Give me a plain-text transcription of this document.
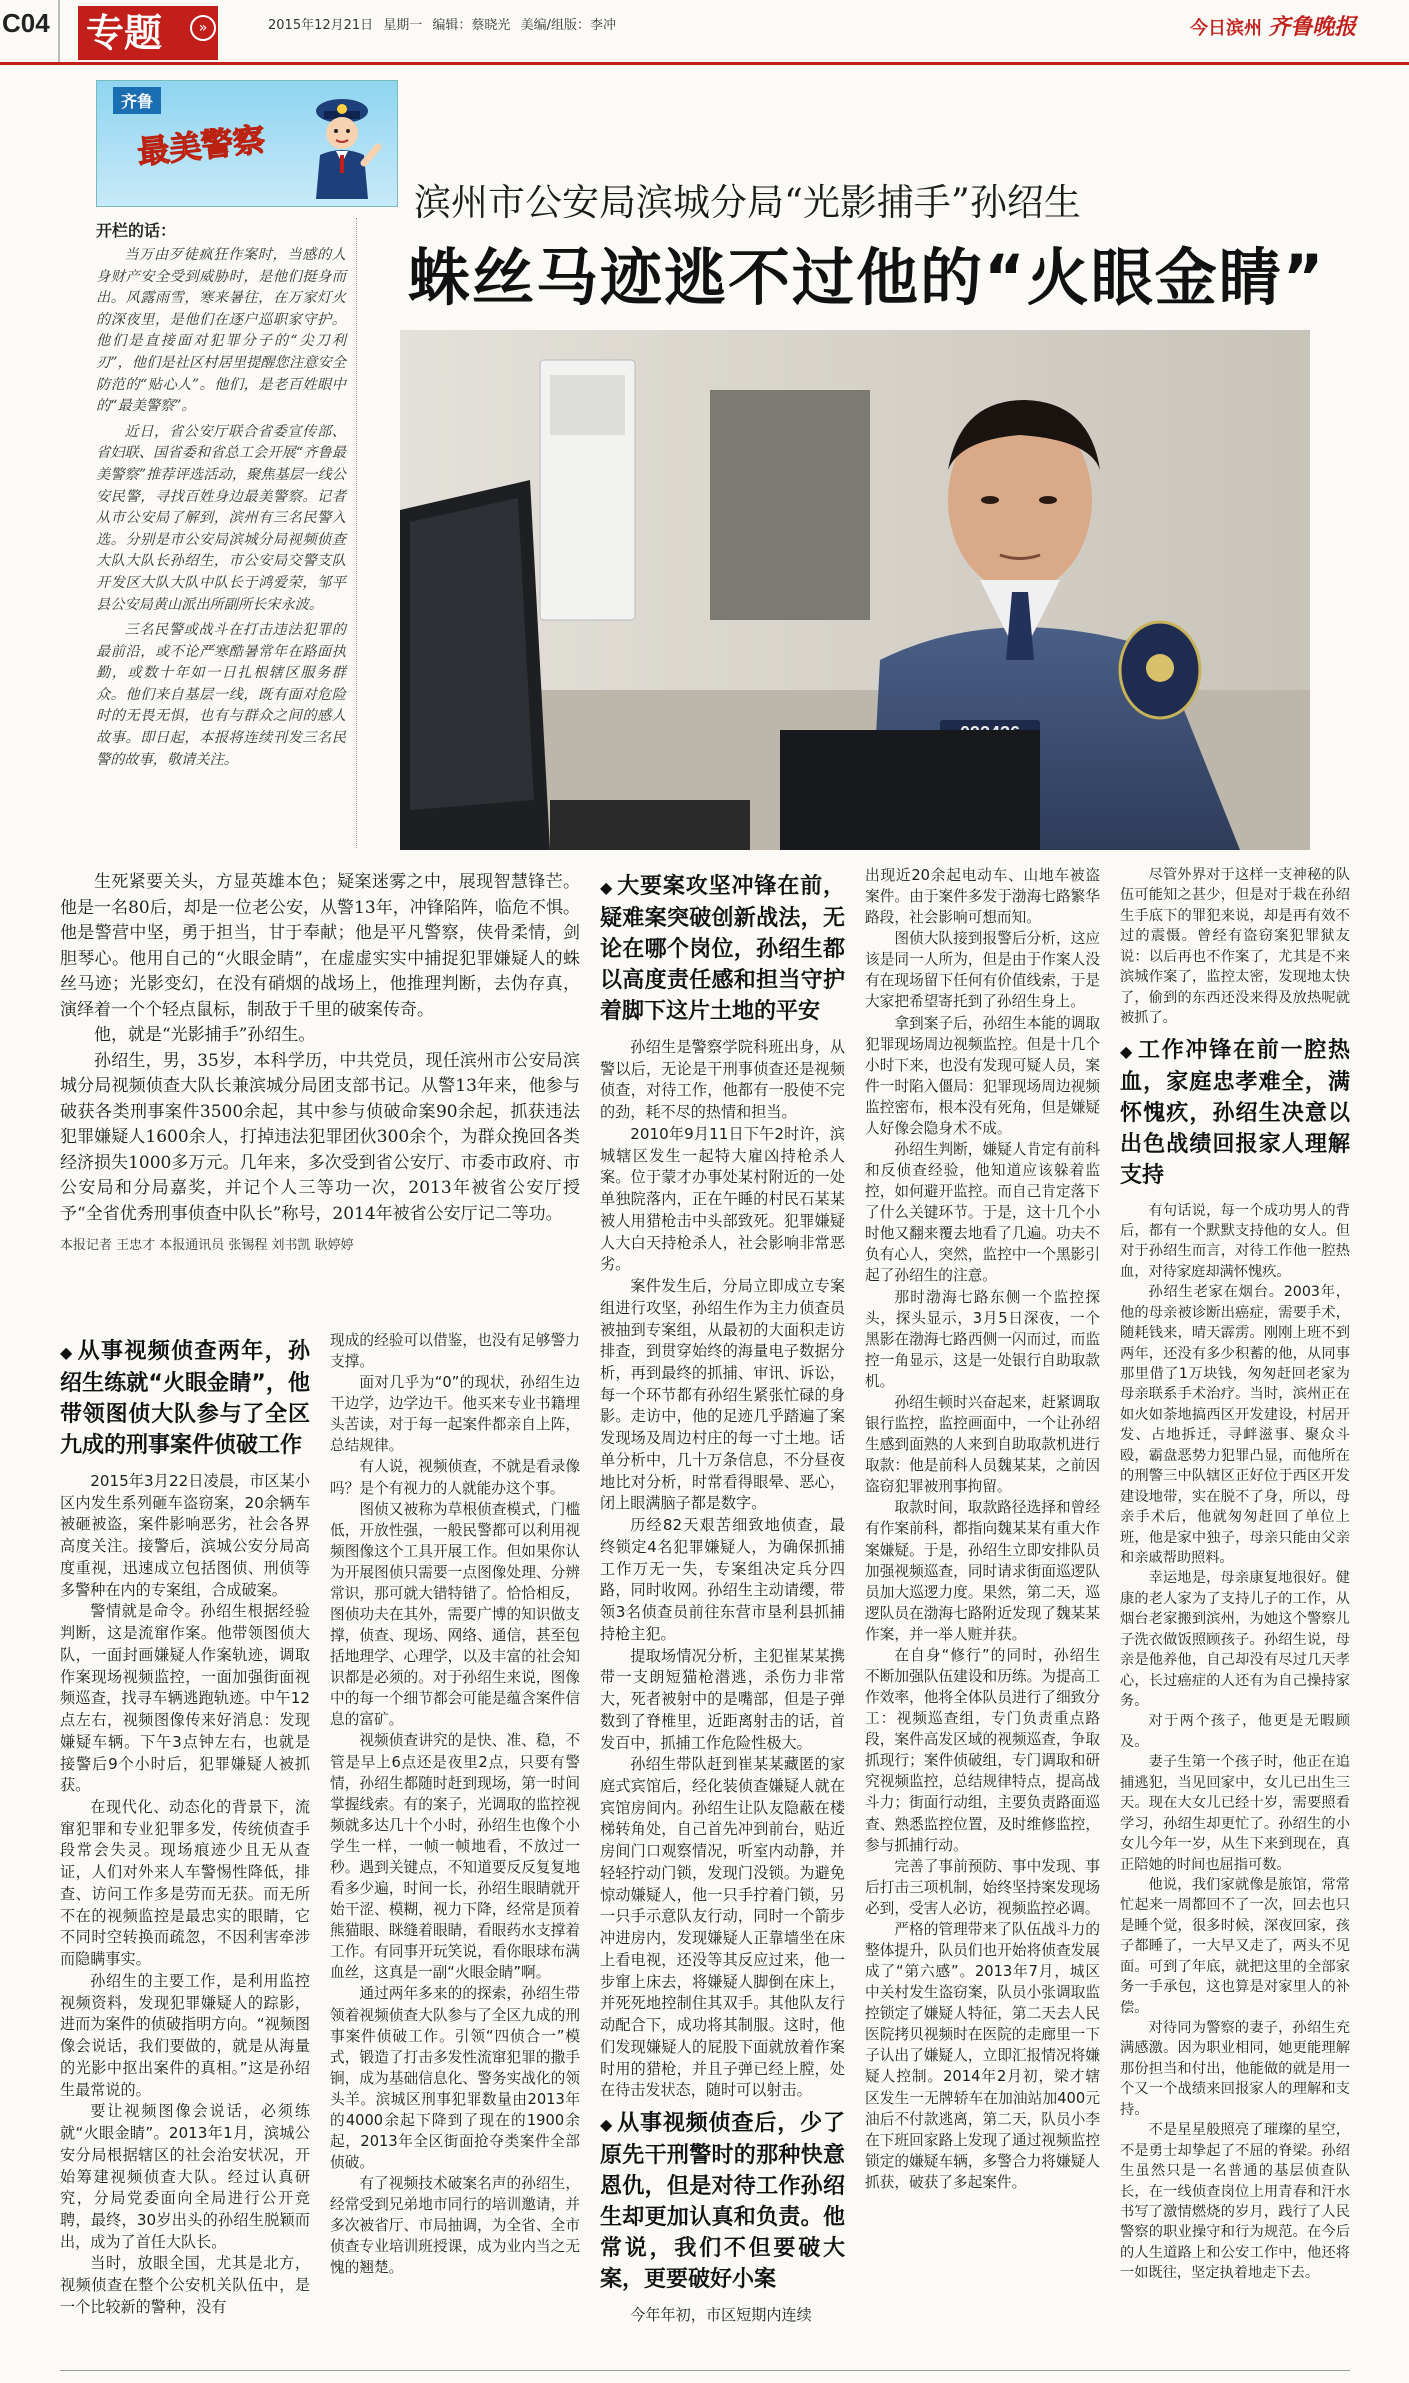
C04 专题	»	2015年12月21日 星期一 编辑：蔡晓光 美编/组版：李冲	今日滨州 齐鲁晚报
齐鲁
最美警察
开栏的话：

当万由歹徒疯狂作案时，当感的人身财产安全受到威胁时，是他们挺身而出。风露雨雪，寒来暑往，在万家灯火的深夜里，是他们在逐户巡职家守护。他们是直接面对犯罪分子的“尖刀利刃”，他们是社区村居里提醒您注意安全防范的“贴心人”。他们，是老百姓眼中的“最美警察”。

近日，省公安厅联合省委宣传部、省妇联、国省委和省总工会开展“齐鲁最美警察”推荐评选活动，聚焦基层一线公安民警，寻找百姓身边最美警察。记者从市公安局了解到，滨州有三名民警入选。分别是市公安局滨城分局视频侦查大队大队长孙绍生，市公安局交警支队开发区大队大队中队长于鸿爱荣，邹平县公安局黄山派出所副所长宋永波。

三名民警或战斗在打击违法犯罪的最前沿，或不论严寒酷暑常年在路面执勤，或数十年如一日扎根辖区服务群众。他们来自基层一线，既有面对危险时的无畏无惧，也有与群众之间的感人故事。即日起，本报将连续刊发三名民警的故事，敬请关注。

滨州市公安局滨城分局“光影捕手”孙绍生
蛛丝马迹逃不过他的“火眼金睛”

生死紧要关头，方显英雄本色；疑案迷雾之中，展现智慧锋芒。他是一名80后，却是一位老公安，从警13年，冲锋陷阵，临危不惧。他是警营中坚，勇于担当，甘于奉献；他是平凡警察，侠骨柔情，剑胆琴心。他用自己的“火眼金睛”，在虚虚实实中捕捉犯罪嫌疑人的蛛丝马迹；光影变幻，在没有硝烟的战场上，他推理判断，去伪存真，演绎着一个个轻点鼠标，制敌于千里的破案传奇。

他，就是“光影捕手”孙绍生。

孙绍生，男，35岁，本科学历，中共党员，现任滨州市公安局滨城分局视频侦查大队长兼滨城分局团支部书记。从警13年来，他参与破获各类刑事案件3500余起，其中参与侦破命案90余起，抓获违法犯罪嫌疑人1600余人，打掉违法犯罪团伙300余个，为群众挽回各类经济损失1000多万元。几年来，多次受到省公安厅、市委市政府、市公安局和分局嘉奖，并记个人三等功一次，2013年被省公安厅授予“全省优秀刑事侦查中队长”称号，2014年被省公安厅记二等功。

本报记者 王忠才 本报通讯员 张锡程 刘书凯 耿婷婷
◆ 从事视频侦查两年，孙绍生练就“火眼金睛”，他带领图侦大队参与了全区九成的刑事案件侦破工作

2015年3月22日凌晨，市区某小区内发生系列砸车盗窃案，20余辆车被砸被盗，案件影响恶劣，社会各界高度关注。接警后，滨城公安分局高度重视，迅速成立包括图侦、刑侦等多警种在内的专案组，合成破案。

警情就是命令。孙绍生根据经验判断，这是流窜作案。他带领图侦大队，一面封画嫌疑人作案轨迹，调取作案现场视频监控，一面加强街面视频巡查，找寻车辆逃跑轨迹。中午12点左右，视频图像传来好消息：发现嫌疑车辆。下午3点钟左右，也就是接警后9个小时后，犯罪嫌疑人被抓获。

在现代化、动态化的背景下，流窜犯罪和专业犯罪多发，传统侦查手段常会失灵。现场痕迹少且无从查证，人们对外来人车警惕性降低，排查、访问工作多是劳而无获。而无所不在的视频监控是最忠实的眼睛，它不同时空转换而疏忽，不因利害牵涉而隐瞒事实。

孙绍生的主要工作，是利用监控视频资料，发现犯罪嫌疑人的踪影，进而为案件的侦破指明方向。“视频图像会说话，我们要做的，就是从海量的光影中抠出案件的真相。”这是孙绍生最常说的。

要让视频图像会说话，必须练就“火眼金睛”。2013年1月，滨城公安分局根据辖区的社会治安状况，开始筹建视频侦查大队。经过认真研究，分局党委面向全局进行公开竞聘，最终，30岁出头的孙绍生脱颖而出，成为了首任大队长。

当时，放眼全国，尤其是北方，视频侦查在整个公安机关队伍中，是一个比较新的警种，没有

现成的经验可以借鉴，也没有足够警力支撑。

面对几乎为“0”的现状，孙绍生边干边学，边学边干。他买来专业书籍埋头苦读，对于每一起案件都亲自上阵，总结规律。

有人说，视频侦查，不就是看录像吗？是个有视力的人就能办这个事。

图侦又被称为草根侦查模式，门槛低，开放性强，一般民警都可以利用视频图像这个工具开展工作。但如果你认为开展图侦只需要一点图像处理、分辨常识，那可就大错特错了。恰恰相反，图侦功夫在其外，需要广博的知识做支撑，侦查、现场、网络、通信，甚至包括地理学、心理学，以及丰富的社会知识都是必须的。对于孙绍生来说，图像中的每一个细节都会可能是蕴含案件信息的富矿。

视频侦查讲究的是快、准、稳，不管是早上6点还是夜里2点，只要有警情，孙绍生都随时赶到现场，第一时间掌握线索。有的案子，光调取的监控视频就多达几十个小时，孙绍生也像个小学生一样，一帧一帧地看，不放过一秒。遇到关键点，不知道要反反复复地看多少遍，时间一长，孙绍生眼睛就开始干涩、模糊，视力下降，经常是顶着熊猫眼、眯缝着眼睛，看眼药水支撑着工作。有同事开玩笑说，看你眼球布满血丝，这真是一副“火眼金睛”啊。

通过两年多来的的探索，孙绍生带领着视频侦查大队参与了全区九成的刑事案件侦破工作。引领“四侦合一”模式，锻造了打击多发性流窜犯罪的撒手锏，成为基础信息化、警务实战化的领头羊。滨城区刑事犯罪数量由2013年的4000余起下降到了现在的1900余起，2013年全区街面抢夺类案件全部侦破。

有了视频技术破案名声的孙绍生，经常受到兄弟地市同行的培训邀请，并多次被省厅、市局抽调，为全省、全市侦查专业培训班授课，成为业内当之无愧的翘楚。

◆ 大要案攻坚冲锋在前，疑难案突破创新战法，无论在哪个岗位，孙绍生都以高度责任感和担当守护着脚下这片土地的平安

孙绍生是警察学院科班出身，从警以后，无论是干刑事侦查还是视频侦查，对待工作，他都有一股使不完的劲，耗不尽的热情和担当。

2010年9月11日下午2时许，滨城辖区发生一起特大雇凶持枪杀人案。位于蒙才办事处某村附近的一处单独院落内，正在午睡的村民石某某被人用猎枪击中头部致死。犯罪嫌疑人大白天持枪杀人，社会影响非常恶劣。

案件发生后，分局立即成立专案组进行攻坚，孙绍生作为主力侦查员被抽到专案组，从最初的大面积走访排查，到贯穿始终的海量电子数据分析，再到最终的抓捕、审讯、诉讼，每一个环节都有孙绍生紧张忙碌的身影。走访中，他的足迹几乎踏遍了案发现场及周边村庄的每一寸土地。话单分析中，几十万条信息，不分昼夜地比对分析，时常看得眼晕、恶心，闭上眼满脑子都是数字。

历经82天艰苦细致地侦查，最终锁定4名犯罪嫌疑人，为确保抓捕工作万无一失，专案组决定兵分四路，同时收网。孙绍生主动请缨，带领3名侦查员前往东营市垦利县抓捕持枪主犯。

提取场情况分析，主犯崔某某携带一支朗短猫枪潜逃，杀伤力非常大，死者被射中的是嘴部，但是子弹数到了脊椎里，近距离射击的话，首发百中，抓捕工作危险性极大。

孙绍生带队赶到崔某某藏匿的家庭式宾馆后，经化装侦查嫌疑人就在宾馆房间内。孙绍生让队友隐蔽在楼梯转角处，自己首先冲到前台，贴近房间门口观察情况，听室内动静，并轻轻拧动门锁，发现门没锁。为避免惊动嫌疑人，他一只手拧着门锁，另一只手示意队友行动，同时一个箭步冲进房内，发现嫌疑人正靠墙坐在床上看电视，还没等其反应过来，他一步窜上床去，将嫌疑人脚倒在床上，并死死地控制住其双手。其他队友行动配合下，成功将其制服。这时，他们发现嫌疑人的屁股下面就放着作案时用的猎枪，并且子弹已经上膛，处在待击发状态，随时可以射击。

◆ 从事视频侦查后，少了原先干刑警时的那种快意恩仇，但是对待工作孙绍生却更加认真和负责。他常说，我们不但要破大案，更要破好小案

今年年初，市区短期内连续

出现近20余起电动车、山地车被盗案件。由于案件多发于渤海七路繁华路段，社会影响可想而知。

图侦大队接到报警后分析，这应该是同一人所为，但是由于作案人没有在现场留下任何有价值线索，于是大家把希望寄托到了孙绍生身上。

拿到案子后，孙绍生本能的调取犯罪现场周边视频监控。但是十几个小时下来，也没有发现可疑人员，案件一时陷入僵局：犯罪现场周边视频监控密布，根本没有死角，但是嫌疑人好像会隐身术不成。

孙绍生判断，嫌疑人肯定有前科和反侦查经验，他知道应该躲着监控，如何避开监控。而自己肯定落下了什么关键环节。于是，这十几个小时他又翻来覆去地看了几遍。功夫不负有心人，突然，监控中一个黑影引起了孙绍生的注意。

那时渤海七路东侧一个监控探头，探头显示，3月5日深夜，一个黑影在渤海七路西侧一闪而过，而监控一角显示，这是一处银行自助取款机。

孙绍生顿时兴奋起来，赶紧调取银行监控，监控画面中，一个让孙绍生感到面熟的人来到自助取款机进行取款：他是前科人员魏某某，之前因盗窃犯罪被刑事拘留。

取款时间，取款路径选择和曾经有作案前科，都指向魏某某有重大作案嫌疑。于是，孙绍生立即安排队员加强视频巡查，同时请求街面巡逻队员加大巡逻力度。果然，第二天，巡逻队员在渤海七路附近发现了魏某某作案，并一举人赃并获。

在自身“修行”的同时，孙绍生不断加强队伍建设和历练。为提高工作效率，他将全体队员进行了细致分工：视频巡查组，专门负责重点路段，案件高发区域的视频巡查，争取抓现行；案件侦破组，专门调取和研究视频监控，总结规律特点，提高战斗力；街面行动组，主要负责路面巡查、熟悉监控位置，及时维修监控，参与抓捕行动。

完善了事前预防、事中发现、事后打击三项机制，始终坚持案发现场必到，受害人必访，视频监控必调。

严格的管理带来了队伍战斗力的整体提升，队员们也开始将侦查发展成了“第六感”。2013年7月，城区中关村发生盗窃案，队员小张调取监控锁定了嫌疑人特征，第二天去人民医院拷贝视频时在医院的走廊里一下子认出了嫌疑人，立即汇报情况将嫌疑人控制。2014年2月初，梁才辖区发生一无牌轿车在加油站加400元油后不付款逃离，第二天，队员小李在下班回家路上发现了通过视频监控锁定的嫌疑车辆，多警合力将嫌疑人抓获，破获了多起案件。

尽管外界对于这样一支神秘的队伍可能知之甚少，但是对于栽在孙绍生手底下的罪犯来说，却是再有效不过的震慑。曾经有盗窃案犯罪狱友说：以后再也不作案了，尤其是不来滨城作案了，监控太密，发现地太快了，偷到的东西还没来得及放热呢就被抓了。

◆ 工作冲锋在前一腔热血，家庭忠孝难全，满怀愧疚，孙绍生决意以出色战绩回报家人理解支持

有句话说，每一个成功男人的背后，都有一个默默支持他的女人。但对于孙绍生而言，对待工作他一腔热血，对待家庭却满怀愧疚。

孙绍生老家在烟台。2003年，他的母亲被诊断出癌症，需要手术，随耗钱来，晴天霹雳。刚刚上班不到两年，还没有多少积蓄的他，从同事那里借了1万块钱，匆匆赶回老家为母亲联系手术治疗。当时，滨州正在如火如荼地搞西区开发建设，村居开发、占地拆迁，寻衅滋事、聚众斗殴，霸盘恶势力犯罪凸显，而他所在的刑警三中队辖区正好位于西区开发建设地带，实在脱不了身，所以，母亲手术后，他就匆匆赶回了单位上班，他是家中独子，母亲只能由父亲和亲戚帮助照料。

幸运地是，母亲康复地很好。健康的老人家为了支持儿子的工作，从烟台老家搬到滨州，为她这个警察儿子洗衣做饭照顾孩子。孙绍生说，母亲是他养他，自己却没有尽过几天孝心，长过癌症的人还有为自己操持家务。

对于两个孩子，他更是无暇顾及。

妻子生第一个孩子时，他正在追捕逃犯，当见回家中，女儿已出生三天。现在大女儿已经十岁，需要照看学习，孙绍生却更忙了。孙绍生的小女儿今年一岁，从生下来到现在，真正陪她的时间也屈指可数。

他说，我们家就像是旅馆，常常忙起来一周都回不了一次，回去也只是睡个觉，很多时候，深夜回家，孩子都睡了，一大早又走了，两头不见面。可到了年底，就把这里的全部家务一手承包，这也算是对家里人的补偿。

对待同为警察的妻子，孙绍生充满感激。因为职业相同，她更能理解那份担当和付出，他能做的就是用一个又一个战绩来回报家人的理解和支持。

不是星星般照亮了璀璨的星空，不是勇士却挚起了不屈的脊梁。孙绍生虽然只是一名普通的基层侦查队长，在一线侦查岗位上用青春和汗水书写了激情燃烧的岁月，践行了人民警察的职业操守和行为规范。在今后的人生道路上和公安工作中，他还将一如既往，坚定执着地走下去。
